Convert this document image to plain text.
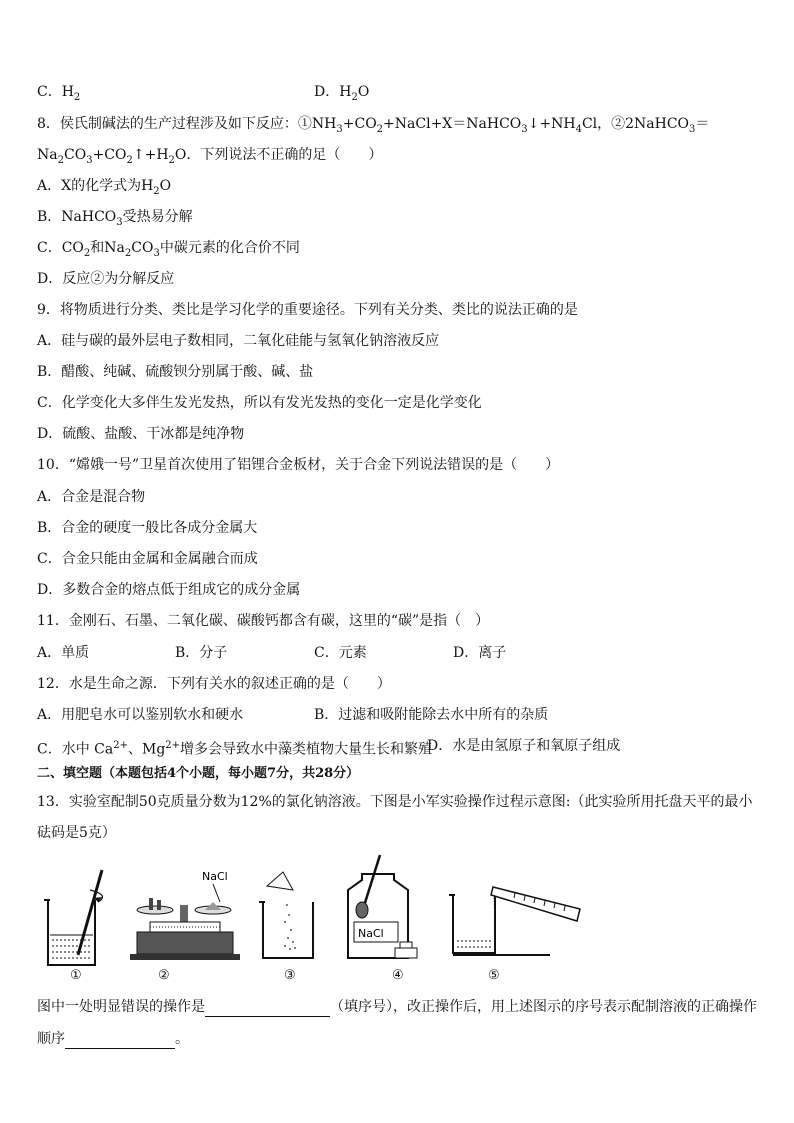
C．$H_2$	D．$H_2O$
8．侯氏制碱法的生产过程涉及如下反应：$①NH_3+CO_2+NaCl+X=NaHCO_3↓+NH_4Cl$，②2NaHCO$_3$＝
$Na_2CO_3+CO_2↑+H_2O$．下列说法不正确的足（　　）
A．X的化学式为$H_2O$
B．NaHCO$_3$受热易分解
C．$CO_2$和$Na_2CO_3$中碳元素的化合价不同
D．反应②为分解反应
9．将物质进行分类、类比是学习化学的重要途径。下列有关分类、类比的说法正确的是
A．硅与碳的最外层电子数相同，二氧化硅能与氢氧化钠溶液反应
B．醋酸、纯碱、硫酸钡分别属于酸、碱、盐
C．化学变化大多伴生发光发热，所以有发光发热的变化一定是化学变化
D．硫酸、盐酸、干冰都是纯净物
10．“嫦娥一号”卫星首次使用了铝锂合金板材，关于合金下列说法错误的是（　　）
A．合金是混合物
B．合金的硬度一般比各成分金属大
C．合金只能由金属和金属融合而成
D．多数合金的熔点低于组成它的成分金属
11．金刚石、石墨、二氧化碳、碳酸钙都含有碳，这里的“碳”是指（　）
A．单质	B．分子	C．元素	D．离子
12．水是生命之源．下列有关水的叙述正确的是（　　）
A．用肥皂水可以鉴别软水和硬水	B．过滤和吸附能除去水中所有的杂质
C．水中 $Ca^{2+}$、$Mg^{2+}$增多会导致水中藻类植物大量生长和繁殖
D．水是由氢原子和氧原子组成
二、填空题（本题包括4个小题，每小题7分，共28分）
13．实验室配制50克质量分数为12%的氯化钠溶液。下图是小军实验操作过程示意图:（此实验所用托盘天平的最小
砝码是5克）
①
NaCl
②	③
NaCl
④	⑤
图中一处明显错误的操作是	（填序号），改正操作后，用上述图示的序号表示配制溶液的正确操作
顺序	。
